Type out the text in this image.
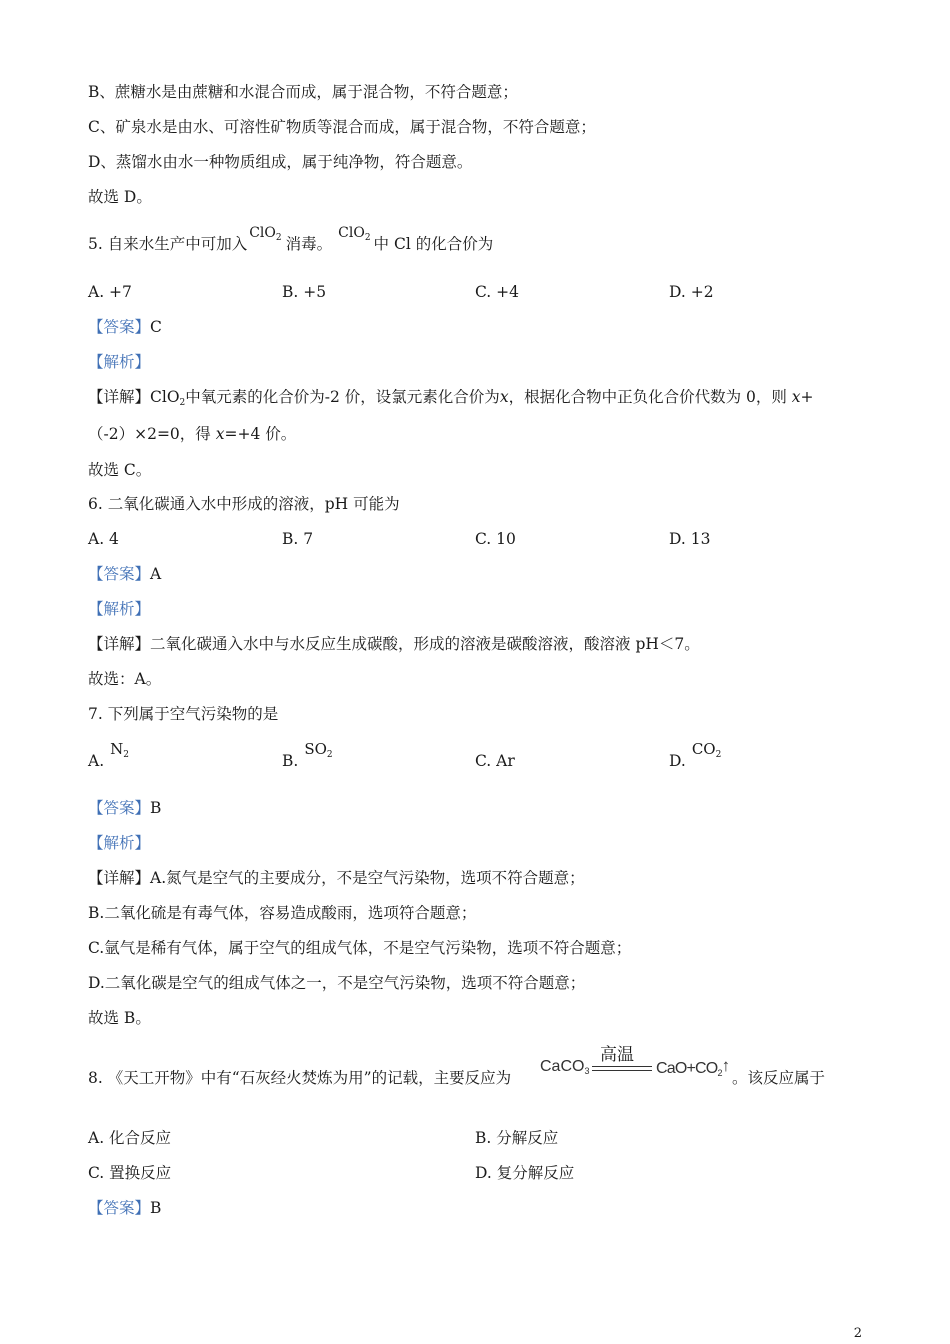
B、蔗糖水是由蔗糖和水混合而成，属于混合物，不符合题意；
C、矿泉水是由水、可溶性矿物质等混合而成，属于混合物，不符合题意；
D、蒸馏水由水一种物质组成，属于纯净物，符合题意。
故选 D。
5. 自来水生产中可加入ClO$_2$ 消毒。ClO$_2$ 中 Cl 的化合价为
A. +7	B. +5	C. +4	D. +2
【答案】C
【解析】
【详解】ClO$_2$中氧元素的化合价为-2 价，设氯元素化合价为x，根据化合物中正负化合价代数为 0，则 x+
（-2）×2=0，得 x=+4 价。
故选 C。
6. 二氧化碳通入水中形成的溶液，pH 可能为
A. 4	B. 7	C. 10	D. 13
【答案】A
【解析】
【详解】二氧化碳通入水中与水反应生成碳酸，形成的溶液是碳酸溶液，酸溶液 pH＜7。
故选：A。
7. 下列属于空气污染物的是
$A.N_2$	$B.SO_2$	C. Ar	$D.CO_2$
【答案】B
【解析】
【详解】A.氮气是空气的主要成分，不是空气污染物，选项不符合题意；
B.二氧化硫是有毒气体，容易造成酸雨，选项符合题意；
C.氩气是稀有气体，属于空气的组成气体，不是空气污染物，选项不符合题意；
D.二氧化碳是空气的组成气体之一，不是空气污染物，选项不符合题意；
故选 B。
8. 《天工开物》中有“石灰经火焚炼为用”的记载，主要反应为
CaCO$_3$
高温
$CaO+CO_2↑$
。该反应属于
A. 化合反应	B. 分解反应
C. 置换反应	D. 复分解反应
【答案】B
2
